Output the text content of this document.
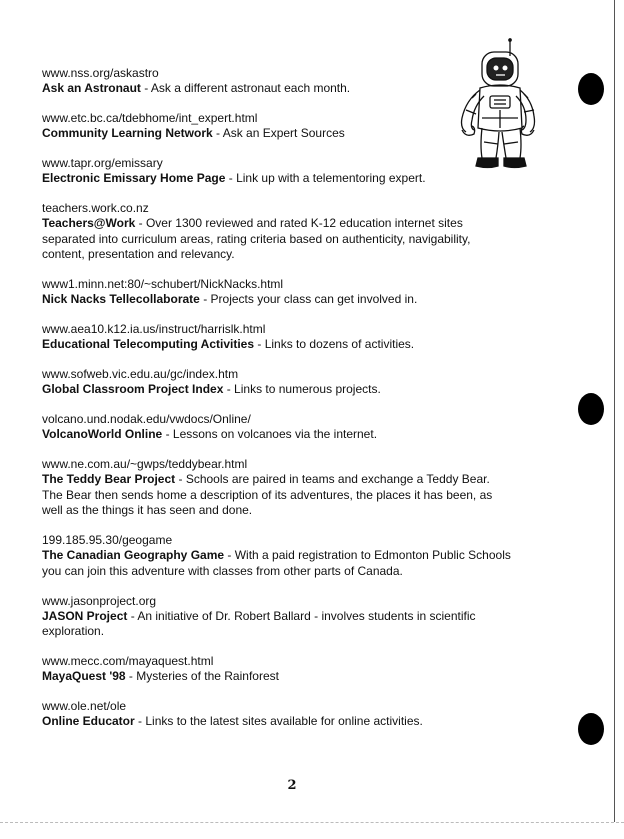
www.nss.org/askastro

Ask an Astronaut - Ask a different astronaut each month.

www.etc.bc.ca/tdebhome/int_expert.html

Community Learning Network - Ask an Expert Sources

www.tapr.org/emissary

Electronic Emissary Home Page - Link up with a telementoring expert.

teachers.work.co.nz

Teachers@Work - Over 1300 reviewed and rated K-12 education internet sites separated into curriculum areas, rating criteria based on authenticity, navigability, content, presentation and relevancy.

www1.minn.net:80/~schubert/NickNacks.html

Nick Nacks Tellecollaborate - Projects your class can get involved in.

www.aea10.k12.ia.us/instruct/harrislk.html

Educational Telecomputing Activities - Links to dozens of activities.

www.sofweb.vic.edu.au/gc/index.htm

Global Classroom Project Index - Links to numerous projects.

volcano.und.nodak.edu/vwdocs/Online/

VolcanoWorld Online - Lessons on volcanoes via the internet.

www.ne.com.au/~gwps/teddybear.html

The Teddy Bear Project - Schools are paired in teams and exchange a Teddy Bear. The Bear then sends home a description of its adventures, the places it has been, as well as the things it has seen and done.

199.185.95.30/geogame

The Canadian Geography Game - With a paid registration to Edmonton Public Schools you can join this adventure with classes from other parts of Canada.

www.jasonproject.org

JASON Project - An initiative of Dr. Robert Ballard - involves students in scientific exploration.

www.mecc.com/mayaquest.html

MayaQuest '98 - Mysteries of the Rainforest

www.ole.net/ole

Online Educator - Links to the latest sites available for online activities.

2
